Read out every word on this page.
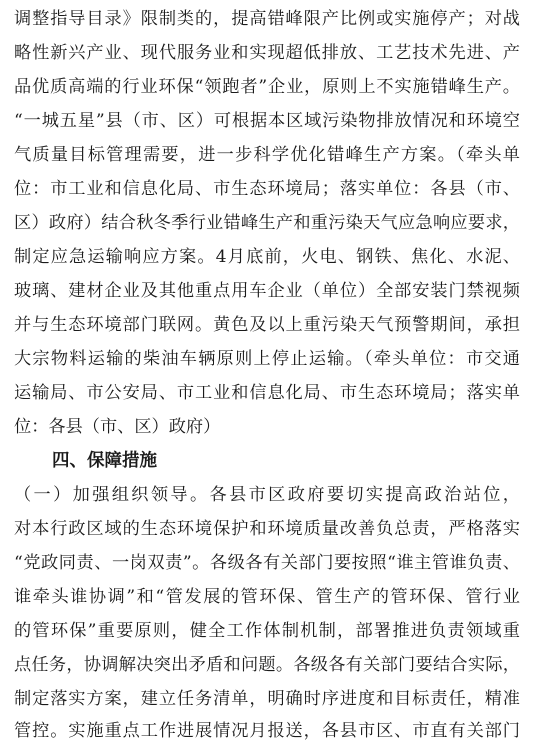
调整指导目录》限制类的，提高错峰限产比例或实施停产；对战
略性新兴产业、现代服务业和实现超低排放、工艺技术先进、产
品优质高端的行业环保“领跑者”企业，原则上不实施错峰生产。
“一城五星”县（市、区）可根据本区域污染物排放情况和环境空
气质量目标管理需要，进一步科学优化错峰生产方案。（牵头单
位：市工业和信息化局、市生态环境局；落实单位：各县（市、
区）政府）结合秋冬季行业错峰生产和重污染天气应急响应要求，
制定应急运输响应方案。4月底前，火电、钢铁、焦化、水泥、
玻璃、建材企业及其他重点用车企业（单位）全部安装门禁视频
并与生态环境部门联网。黄色及以上重污染天气预警期间，承担
大宗物料运输的柴油车辆原则上停止运输。（牵头单位：市交通
运输局、市公安局、市工业和信息化局、市生态环境局；落实单
位：各县（市、区）政府）
四、保障措施
（一）加强组织领导。各县市区政府要切实提高政治站位，
对本行政区域的生态环境保护和环境质量改善负总责，严格落实
“党政同责、一岗双责”。各级各有关部门要按照“谁主管谁负责、
谁牵头谁协调”和“管发展的管环保、管生产的管环保、管行业
的管环保”重要原则，健全工作体制机制，部署推进负责领域重
点任务，协调解决突出矛盾和问题。各级各有关部门要结合实际，
制定落实方案，建立任务清单，明确时序进度和目标责任，精准
管控。实施重点工作进展情况月报送，各县市区、市直有关部门
